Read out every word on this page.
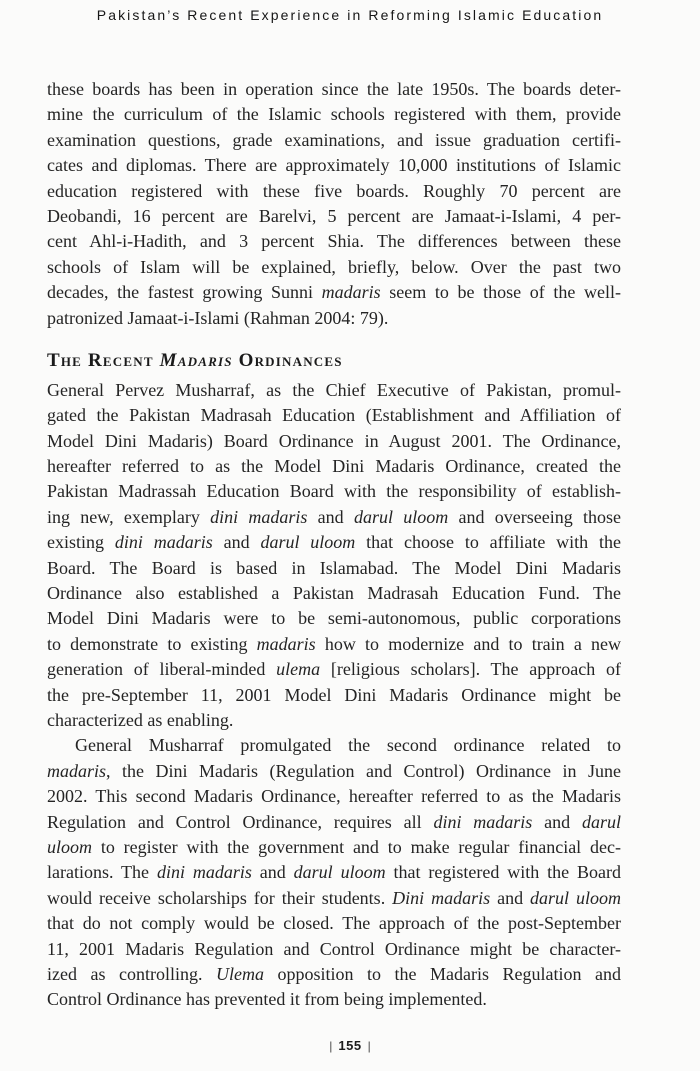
Pakistan’s Recent Experience in Reforming Islamic Education
these boards has been in operation since the late 1950s. The boards deter-
mine the curriculum of the Islamic schools registered with them, provide
examination questions, grade examinations, and issue graduation certifi-
cates and diplomas. There are approximately 10,000 institutions of Islamic
education registered with these five boards. Roughly 70 percent are
Deobandi, 16 percent are Barelvi, 5 percent are Jamaat-i-Islami, 4 per-
cent Ahl-i-Hadith, and 3 percent Shia. The differences between these
schools of Islam will be explained, briefly, below. Over the past two
decades, the fastest growing Sunni madaris seem to be those of the well-
patronized Jamaat-i-Islami (Rahman 2004: 79).
The Recent Madaris Ordinances
General Pervez Musharraf, as the Chief Executive of Pakistan, promul-
gated the Pakistan Madrasah Education (Establishment and Affiliation of
Model Dini Madaris) Board Ordinance in August 2001. The Ordinance,
hereafter referred to as the Model Dini Madaris Ordinance, created the
Pakistan Madrassah Education Board with the responsibility of establish-
ing new, exemplary dini madaris and darul uloom and overseeing those
existing dini madaris and darul uloom that choose to affiliate with the
Board. The Board is based in Islamabad. The Model Dini Madaris
Ordinance also established a Pakistan Madrasah Education Fund. The
Model Dini Madaris were to be semi-autonomous, public corporations
to demonstrate to existing madaris how to modernize and to train a new
generation of liberal-minded ulema [religious scholars]. The approach of
the pre-September 11, 2001 Model Dini Madaris Ordinance might be
characterized as enabling.
General Musharraf promulgated the second ordinance related to
madaris, the Dini Madaris (Regulation and Control) Ordinance in June
2002. This second Madaris Ordinance, hereafter referred to as the Madaris
Regulation and Control Ordinance, requires all dini madaris and darul
uloom to register with the government and to make regular financial dec-
larations. The dini madaris and darul uloom that registered with the Board
would receive scholarships for their students. Dini madaris and darul uloom
that do not comply would be closed. The approach of the post-September
11, 2001 Madaris Regulation and Control Ordinance might be character-
ized as controlling. Ulema opposition to the Madaris Regulation and
Control Ordinance has prevented it from being implemented.
| 155 |
